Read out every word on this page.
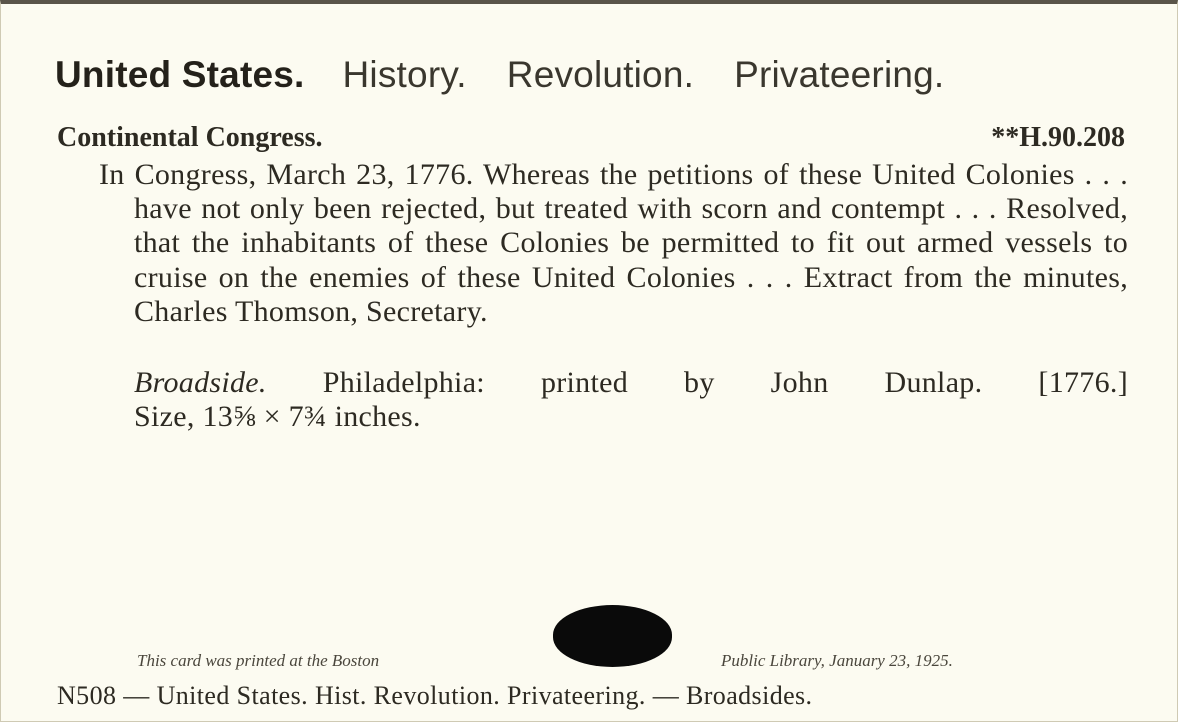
United States. History. Revolution. Privateering.
Continental Congress.	**H.90.208
In Congress, March 23, 1776. Whereas the petitions of these United Colonies . . . have not only been rejected, but treated with scorn and contempt . . . Resolved, that the inhabitants of these Colonies be permitted to fit out armed vessels to cruise on the enemies of these United Colonies . . . Extract from the minutes, Charles Thomson, Secretary.
Broadside. Philadelphia: printed by John Dunlap. [1776.]
Size, 13⅝ × 7¾ inches.
This card was printed at the Boston	Public Library, January 23, 1925.
N508 — United States. Hist. Revolution. Privateering. — Broadsides.
